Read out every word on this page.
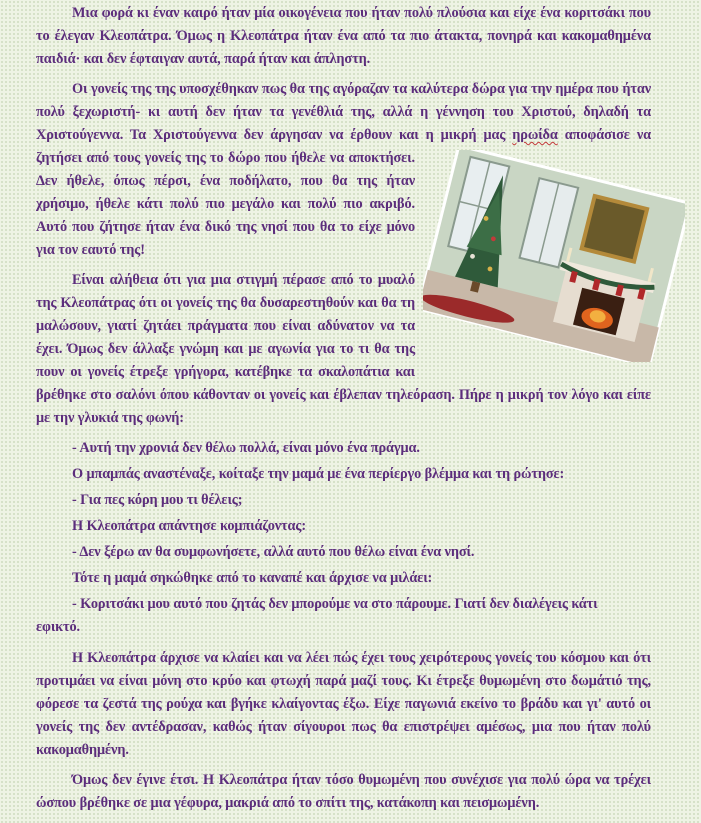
Μια φορά κι έναν καιρό ήταν μία οικογένεια που ήταν πολύ πλούσια και είχε ένα κοριτσάκι που το έλεγαν Κλεοπάτρα. Όμως η Κλεοπάτρα ήταν ένα από τα πιο άτακτα, πονηρά και κακομαθημένα παιδιά· και δεν έφταιγαν αυτά, παρά ήταν και άπληστη.

Οι γονείς της της υποσχέθηκαν πως θα της αγόραζαν τα καλύτερα δώρα για την ημέρα που ήταν πολύ ξεχωριστή- κι αυτή δεν ήταν τα γενέθλιά της, αλλά η γέννηση του Χριστού, δηλαδή τα Χριστούγεννα. Τα Χριστούγεννα δεν άργησαν να έρθουν και η μικρή μας ηρωίδα
αποφάσισε να ζητήσει από τους γονείς της το δώρο που ήθελε να αποκτήσει. Δεν ήθελε, όπως πέρσι, ένα ποδήλατο, που θα της ήταν χρήσιμο, ήθελε κάτι πολύ πιο μεγάλο και πολύ πιο ακριβό. Αυτό που ζήτησε ήταν ένα δικό της νησί που θα το είχε μόνο για τον εαυτό της!

Είναι αλήθεια ότι για μια στιγμή πέρασε από το μυαλό της Κλεοπάτρας ότι οι γονείς της θα δυσαρεστηθούν και θα τη μαλώσουν, γιατί ζητάει πράγματα που είναι αδύνατον να τα έχει. Όμως δεν άλλαξε γνώμη και με αγωνία για το τι θα της πουν οι γονείς έτρεξε γρήγορα, κατέβηκε τα σκαλοπάτια και βρέθηκε στο σαλόνι όπου κάθονταν οι γονείς και έβλεπαν τηλεόραση. Πήρε η μικρή τον λόγο και είπε με την γλυκιά της φωνή:

- Αυτή την χρονιά δεν θέλω πολλά, είναι μόνο ένα πράγμα.

Ο μπαμπάς αναστέναξε, κοίταξε την μαμά με ένα περίεργο βλέμμα και τη ρώτησε:

- Για πες κόρη μου τι θέλεις;

Η Κλεοπάτρα απάντησε κομπιάζοντας:

- Δεν ξέρω αν θα συμφωνήσετε, αλλά αυτό που θέλω είναι ένα νησί.

Τότε η μαμά σηκώθηκε από το καναπέ και άρχισε να μιλάει:

- Κοριτσάκι μου αυτό που ζητάς δεν μπορούμε να στο πάρουμε. Γιατί δεν διαλέγεις κάτι

εφικτό.

Η Κλεοπάτρα άρχισε να κλαίει και να λέει πώς έχει τους χειρότερους γονείς του κόσμου και ότι προτιμάει να είναι μόνη στο κρύο και φτωχή παρά μαζί τους. Κι έτρεξε θυμωμένη στο δωμάτιό της, φόρεσε τα ζεστά της ρούχα και βγήκε κλαίγοντας έξω. Είχε παγωνιά εκείνο το βράδυ και γι' αυτό οι γονείς της δεν αντέδρασαν, καθώς ήταν σίγουροι πως θα επιστρέψει αμέσως, μια που ήταν πολύ κακομαθημένη.

Όμως δεν έγινε έτσι. Η Κλεοπάτρα ήταν τόσο θυμωμένη που συνέχισε για πολύ ώρα να τρέχει ώσπου βρέθηκε σε μια γέφυρα, μακριά από το σπίτι της, κατάκοπη και πεισμωμένη.
